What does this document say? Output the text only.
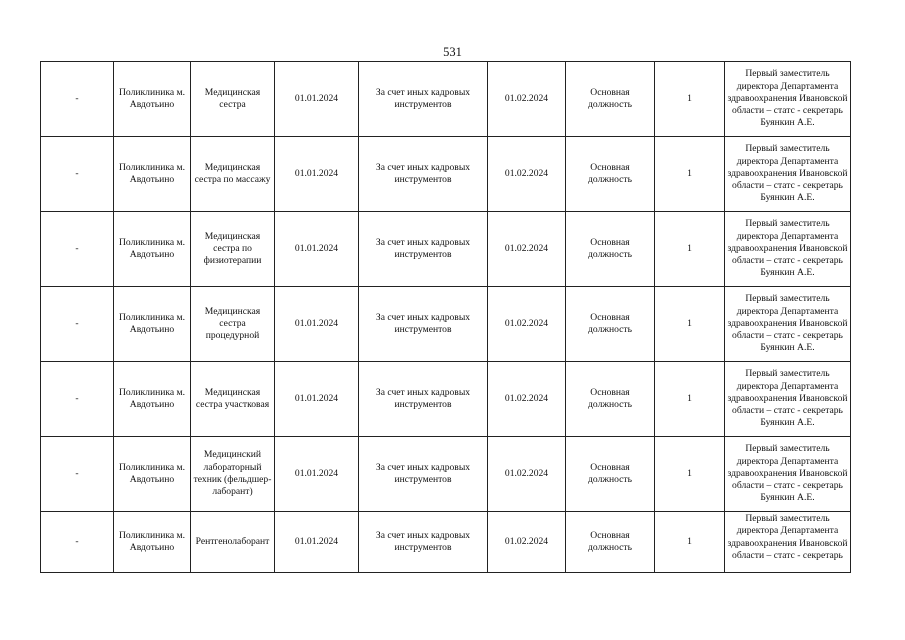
531
-	Поликлиника м. Авдотьино	Медицинская сестра	01.01.2024	За счет иных кадровых инструментов	01.02.2024	Основная должность	1	Первый заместитель директора Департамента здравоохранения Ивановской области – статс - секретарь Буянкин А.Е.
-	Поликлиника м. Авдотьино	Медицинская сестра по массажу	01.01.2024	За счет иных кадровых инструментов	01.02.2024	Основная должность	1	Первый заместитель директора Департамента здравоохранения Ивановской области – статс - секретарь Буянкин А.Е.
-	Поликлиника м. Авдотьино	Медицинская сестра по физиотерапии	01.01.2024	За счет иных кадровых инструментов	01.02.2024	Основная должность	1	Первый заместитель директора Департамента здравоохранения Ивановской области – статс - секретарь Буянкин А.Е.
-	Поликлиника м. Авдотьино	Медицинская сестра процедурной	01.01.2024	За счет иных кадровых инструментов	01.02.2024	Основная должность	1	Первый заместитель директора Департамента здравоохранения Ивановской области – статс - секретарь Буянкин А.Е.
-	Поликлиника м. Авдотьино	Медицинская сестра участковая	01.01.2024	За счет иных кадровых инструментов	01.02.2024	Основная должность	1	Первый заместитель директора Департамента здравоохранения Ивановской области – статс - секретарь Буянкин А.Е.
-	Поликлиника м. Авдотьино	Медицинский лабораторный техник (фельдшер-лаборант)	01.01.2024	За счет иных кадровых инструментов	01.02.2024	Основная должность	1	Первый заместитель директора Департамента здравоохранения Ивановской области – статс - секретарь Буянкин А.Е.
-	Поликлиника м. Авдотьино	Рентгенолаборант	01.01.2024	За счет иных кадровых инструментов	01.02.2024	Основная должность	1	Первый заместитель директора Департамента здравоохранения Ивановской области – статс - секретарь
